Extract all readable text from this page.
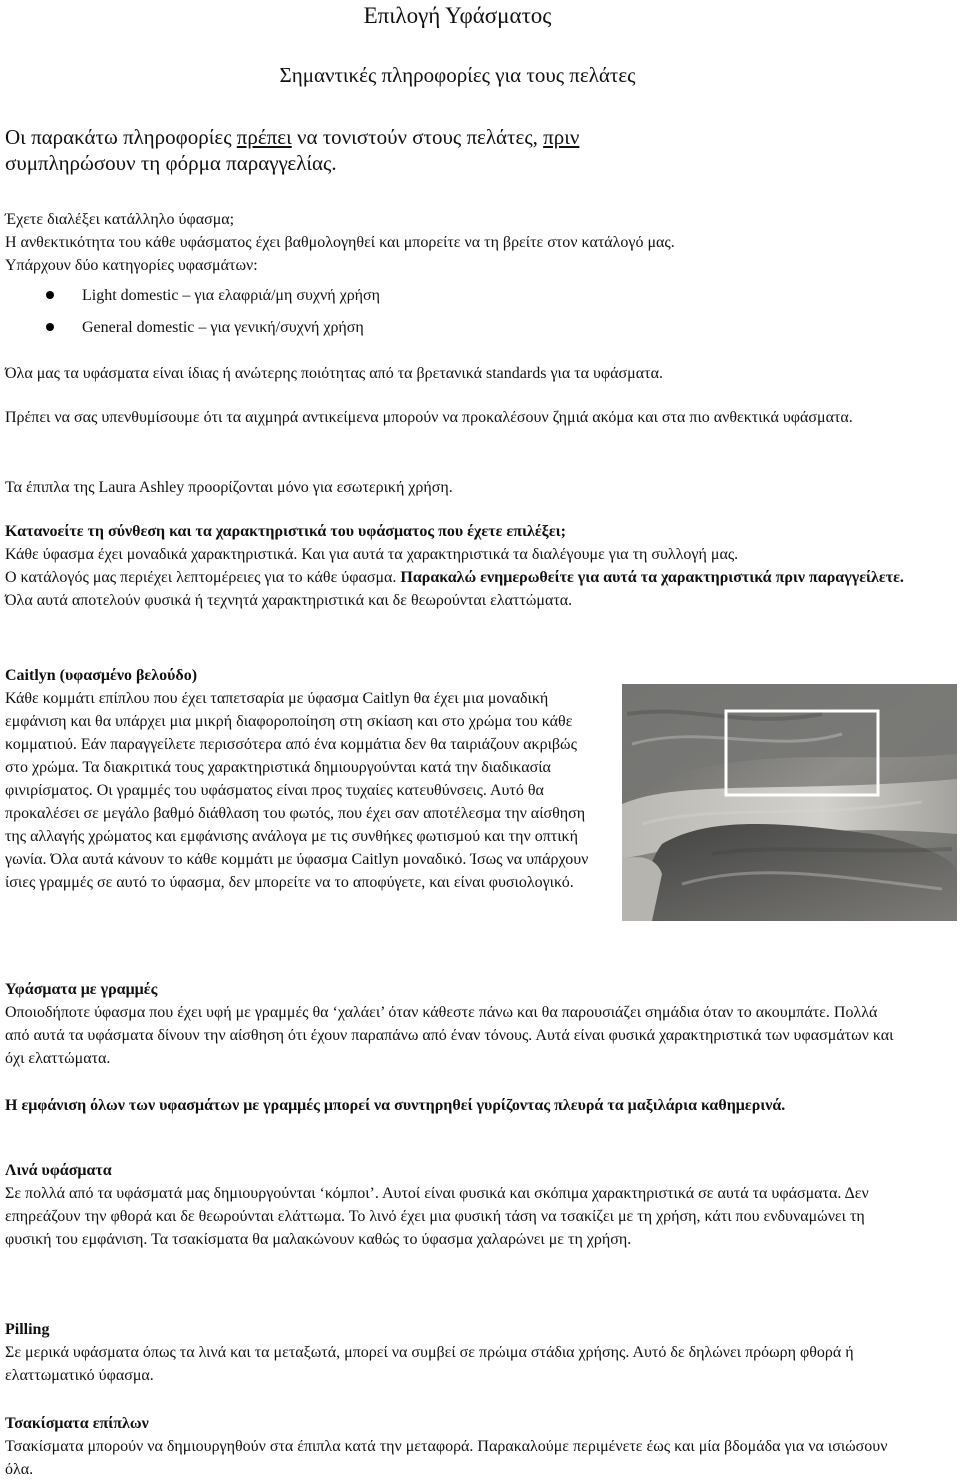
Επιλογή Υφάσματος
Σημαντικές πληροφορίες για τους πελάτες
Οι παρακάτω πληροφορίες πρέπει να τονιστούν στους πελάτες, πριν
συμπληρώσουν τη φόρμα παραγγελίας.
Έχετε διαλέξει κατάλληλο ύφασμα;
Η ανθεκτικότητα του κάθε υφάσματος έχει βαθμολογηθεί και μπορείτε να τη βρείτε στον κατάλογό μας.
Υπάρχουν δύο κατηγορίες υφασμάτων:
Light domestic – για ελαφριά/μη συχνή χρήση
General domestic – για γενική/συχνή χρήση
Όλα μας τα υφάσματα είναι ίδιας ή ανώτερης ποιότητας από τα βρετανικά standards για τα υφάσματα.
Πρέπει να σας υπενθυμίσουμε ότι τα αιχμηρά αντικείμενα μπορούν να προκαλέσουν ζημιά ακόμα και στα πιο ανθεκτικά υφάσματα.
Τα έπιπλα της Laura Ashley προορίζονται μόνο για εσωτερική χρήση.
Κατανοείτε τη σύνθεση και τα χαρακτηριστικά του υφάσματος που έχετε επιλέξει;
Κάθε ύφασμα έχει μοναδικά χαρακτηριστικά. Και για αυτά τα χαρακτηριστικά τα διαλέγουμε για τη συλλογή μας.
Ο κατάλογός μας περιέχει λεπτομέρειες για το κάθε ύφασμα. Παρακαλώ ενημερωθείτε για αυτά τα χαρακτηριστικά πριν παραγγείλετε. Όλα αυτά αποτελούν φυσικά ή τεχνητά χαρακτηριστικά και δε θεωρούνται ελαττώματα.
Caitlyn (υφασμένο βελούδο)
Κάθε κομμάτι επίπλου που έχει ταπετσαρία με ύφασμα Caitlyn θα έχει μια μοναδική εμφάνιση και θα υπάρχει μια μικρή διαφοροποίηση στη σκίαση και στο χρώμα του κάθε κομματιού. Εάν παραγγείλετε περισσότερα από ένα κομμάτια δεν θα ταιριάζουν ακριβώς στο χρώμα. Τα διακριτικά τους χαρακτηριστικά δημιουργούνται κατά την διαδικασία φινιρίσματος. Οι γραμμές του υφάσματος είναι προς τυχαίες κατευθύνσεις. Αυτό θα προκαλέσει σε μεγάλο βαθμό διάθλαση του φωτός, που έχει σαν αποτέλεσμα την αίσθηση της αλλαγής χρώματος και εμφάνισης ανάλογα με τις συνθήκες φωτισμού και την οπτική γωνία. Όλα αυτά κάνουν το κάθε κομμάτι με ύφασμα Caitlyn μοναδικό. Ίσως να υπάρχουν ίσιες γραμμές σε αυτό το ύφασμα, δεν μπορείτε να το αποφύγετε, και είναι φυσιολογικό.
Υφάσματα με γραμμές
Οποιοδήποτε ύφασμα που έχει υφή με γραμμές θα ‘χαλάει’ όταν κάθεστε πάνω και θα παρουσιάζει σημάδια όταν το ακουμπάτε. Πολλά από αυτά τα υφάσματα δίνουν την αίσθηση ότι έχουν παραπάνω από έναν τόνους. Αυτά είναι φυσικά χαρακτηριστικά των υφασμάτων και όχι ελαττώματα.
Η εμφάνιση όλων των υφασμάτων με γραμμές μπορεί να συντηρηθεί γυρίζοντας πλευρά τα μαξιλάρια καθημερινά.
Λινά υφάσματα
Σε πολλά από τα υφάσματά μας δημιουργούνται ‘κόμποι’. Αυτοί είναι φυσικά και σκόπιμα χαρακτηριστικά σε αυτά τα υφάσματα. Δεν επηρεάζουν την φθορά και δε θεωρούνται ελάττωμα. Το λινό έχει μια φυσική τάση να τσακίζει με τη χρήση, κάτι που ενδυναμώνει τη φυσική του εμφάνιση. Τα τσακίσματα θα μαλακώνουν καθώς το ύφασμα χαλαρώνει με τη χρήση.
Pilling
Σε μερικά υφάσματα όπως τα λινά και τα μεταξωτά, μπορεί να συμβεί σε πρώιμα στάδια χρήσης. Αυτό δε δηλώνει πρόωρη φθορά ή ελαττωματικό ύφασμα.
Τσακίσματα επίπλων
Τσακίσματα μπορούν να δημιουργηθούν στα έπιπλα κατά την μεταφορά. Παρακαλούμε περιμένετε έως και μία βδομάδα για να ισιώσουν όλα.
